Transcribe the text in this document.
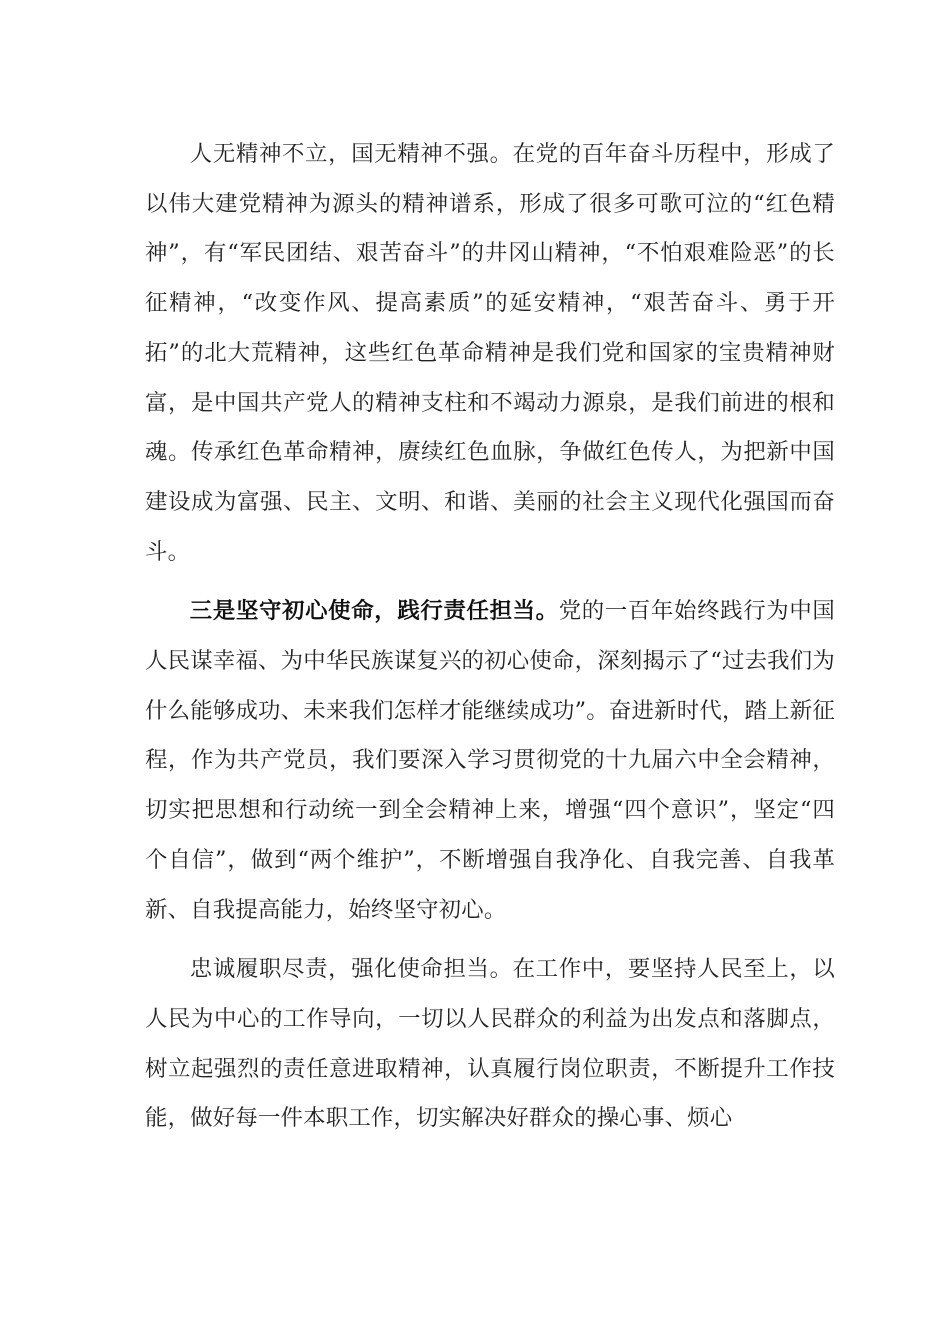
人无精神不立，国无精神不强。在党的百年奋斗历程中，形成了以伟大建党精神为源头的精神谱系，形成了很多可歌可泣的“红色精神”，有“军民团结、艰苦奋斗”的井冈山精神，“不怕艰难险恶”的长征精神，“改变作风、提高素质”的延安精神，“艰苦奋斗、勇于开拓”的北大荒精神，这些红色革命精神是我们党和国家的宝贵精神财富，是中国共产党人的精神支柱和不竭动力源泉，是我们前进的根和魂。传承红色革命精神，赓续红色血脉，争做红色传人，为把新中国建设成为富强、民主、文明、和谐、美丽的社会主义现代化强国而奋斗。

三是坚守初心使命，践行责任担当。党的一百年始终践行为中国人民谋幸福、为中华民族谋复兴的初心使命，深刻揭示了“过去我们为什么能够成功、未来我们怎样才能继续成功”。奋进新时代，踏上新征程，作为共产党员，我们要深入学习贯彻党的十九届六中全会精神，切实把思想和行动统一到全会精神上来，增强“四个意识”，坚定“四个自信”，做到“两个维护”，不断增强自我净化、自我完善、自我革新、自我提高能力，始终坚守初心。

忠诚履职尽责，强化使命担当。在工作中，要坚持人民至上，以人民为中心的工作导向，一切以人民群众的利益为出发点和落脚点，树立起强烈的责任意进取精神，认真履行岗位职责，不断提升工作技能，做好每一件本职工作，切实解决好群众的操心事、烦心
